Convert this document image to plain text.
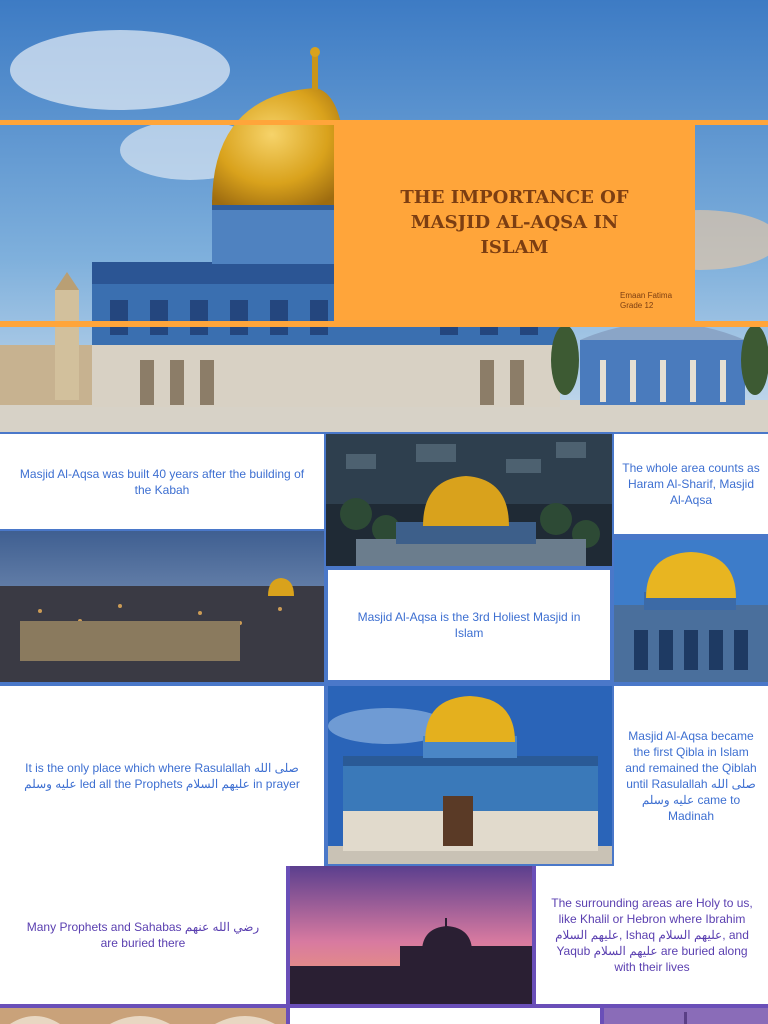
THE IMPORTANCE OF MASJID AL-AQSA IN ISLAM
Emaan Fatima
Grade 12
Masjid Al-Aqsa was built 40 years after the building of the Kabah
The whole area counts as Haram Al-Sharif, Masjid Al-Aqsa
Masjid Al-Aqsa is the 3rd Holiest Masjid in Islam
It is the only place which where Rasulallah صلى الله عليه وسلم led all the Prophets عليهم السلام in prayer
Masjid Al-Aqsa became the first Qibla in Islam and remained the Qiblah until Rasulallah صلى الله عليه وسلم came to Madinah
Many Prophets and Sahabas رضي الله عنهم are buried there
The surrounding areas are Holy to us, like Khalil or Hebron where Ibrahim عليهم السلام, Ishaq عليهم السلام, and Yaqub عليهم السلام are buried along with their lives
